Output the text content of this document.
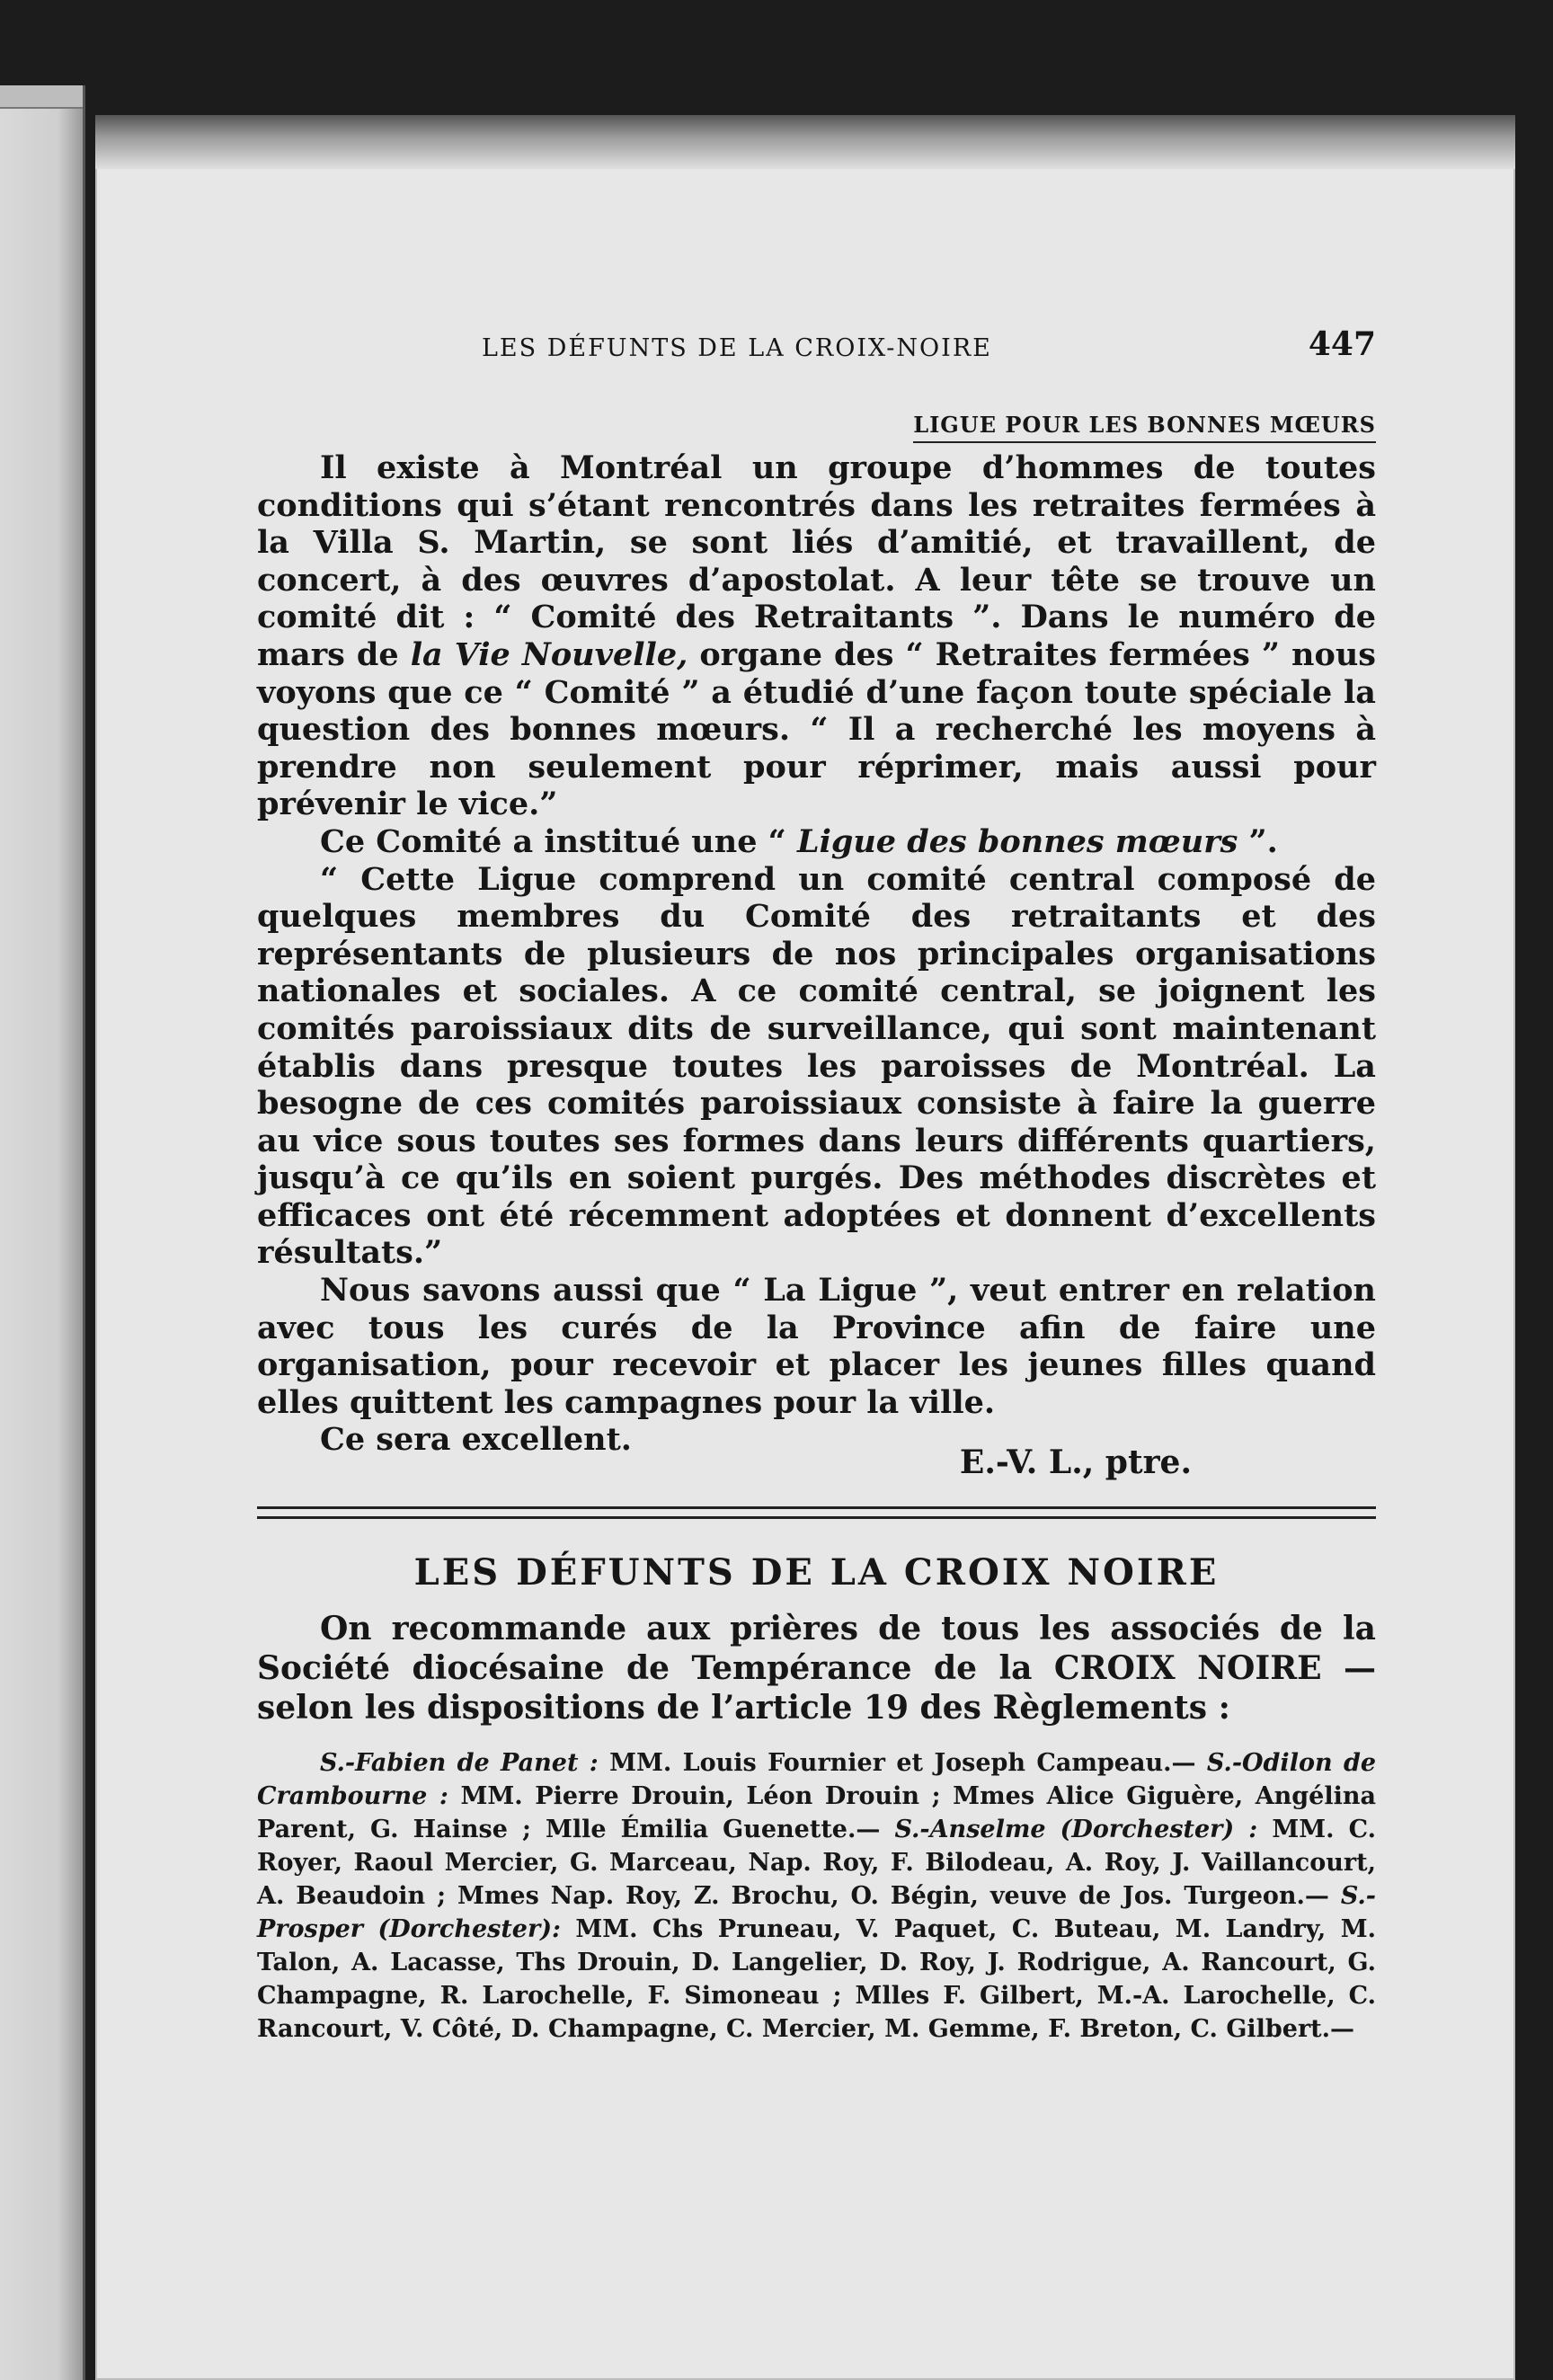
LES DÉFUNTS DE LA CROIX-NOIRE	447
LIGUE POUR LES BONNES MŒURS

Il existe à Montréal un groupe d’hommes de toutes conditions qui s’étant rencontrés dans les retraites fermées à la Villa S. Martin, se sont liés d’amitié, et travaillent, de concert, à des œuvres d’apostolat. A leur tête se trouve un comité dit : “ Comité des Retraitants ”. Dans le numéro de mars de la Vie Nouvelle, organe des “ Retraites fermées ” nous voyons que ce “ Comité ” a étudié d’une façon toute spéciale la question des bonnes mœurs. “ Il a recherché les moyens à prendre non seulement pour réprimer, mais aussi pour prévenir le vice.”

Ce Comité a institué une “ Ligue des bonnes mœurs ”.

“ Cette Ligue comprend un comité central composé de quelques membres du Comité des retraitants et des représentants de plusieurs de nos principales organisations nationales et sociales. A ce comité central, se joignent les comités paroissiaux dits de surveillance, qui sont maintenant établis dans presque toutes les paroisses de Montréal. La besogne de ces comités paroissiaux consiste à faire la guerre au vice sous toutes ses formes dans leurs différents quartiers, jusqu’à ce qu’ils en soient purgés. Des méthodes discrètes et efficaces ont été récemment adoptées et donnent d’excellents résultats.”

Nous savons aussi que “ La Ligue ”, veut entrer en relation avec tous les curés de la Province afin de faire une organisation, pour recevoir et placer les jeunes filles quand elles quittent les campagnes pour la ville.

Ce sera excellent.

E.-V. L., ptre.
LES DÉFUNTS DE LA CROIX NOIRE

On recommande aux prières de tous les associés de la Société diocésaine de Tempérance de la CROIX NOIRE — selon les dispositions de l’article 19 des Règlements :

S.-Fabien de Panet : MM. Louis Fournier et Joseph Campeau.— S.-Odilon de Crambourne : MM. Pierre Drouin, Léon Drouin ; Mmes Alice Giguère, Angélina Parent, G. Hainse ; Mlle Émilia Guenette.— S.-Anselme (Dorchester) : MM. C. Royer, Raoul Mercier, G. Marceau, Nap. Roy, F. Bilodeau, A. Roy, J. Vaillancourt, A. Beaudoin ; Mmes Nap. Roy, Z. Brochu, O. Bégin, veuve de Jos. Turgeon.— S.-Prosper (Dorchester): MM. Chs Pruneau, V. Paquet, C. Buteau, M. Landry, M. Talon, A. Lacasse, Ths Drouin, D. Langelier, D. Roy, J. Rodrigue, A. Rancourt, G. Champagne, R. Larochelle, F. Simoneau ; Mlles F. Gilbert, M.-A. Larochelle, C. Rancourt, V. Côté, D. Champagne, C. Mercier, M. Gemme, F. Breton, C. Gilbert.—
